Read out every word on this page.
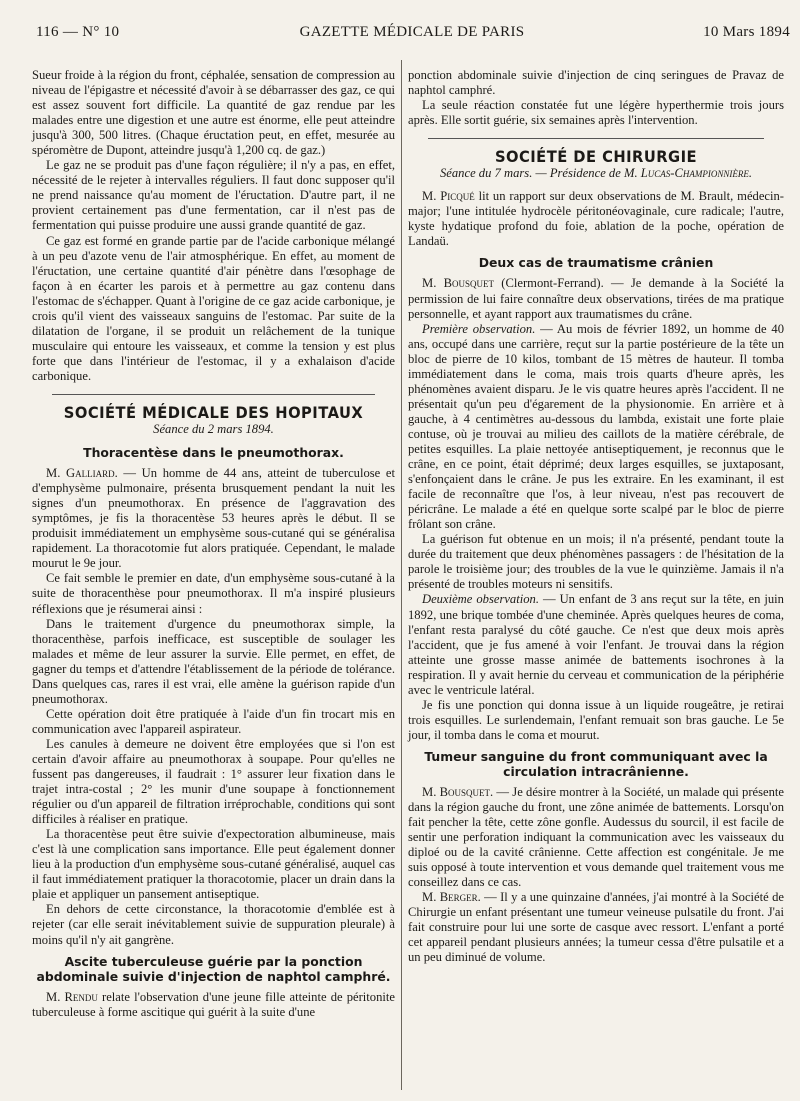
116 — N° 10	GAZETTE MÉDICALE DE PARIS	10 Mars 1894

Sueur froide à la région du front, céphalée, sensation de compression au niveau de l'épigastre et nécessité d'avoir à se débarrasser des gaz, ce qui est assez souvent fort difficile. La quantité de gaz rendue par les malades entre une digestion et une autre est énorme, elle peut atteindre jusqu'à 300, 500 litres. (Chaque éructation peut, en effet, mesurée au spéromètre de Dupont, atteindre jusqu'à 1,200 cq. de gaz.)

Le gaz ne se produit pas d'une façon régulière; il n'y a pas, en effet, nécessité de le rejeter à intervalles réguliers. Il faut donc supposer qu'il ne prend naissance qu'au moment de l'éructation. D'autre part, il ne provient certainement pas d'une fermentation, car il n'est pas de fermentation qui puisse produire une aussi grande quantité de gaz.

Ce gaz est formé en grande partie par de l'acide carbonique mélangé à un peu d'azote venu de l'air atmosphérique. En effet, au moment de l'éructation, une certaine quantité d'air pénètre dans l'œsophage de façon à en écarter les parois et à permettre au gaz contenu dans l'estomac de s'échapper. Quant à l'origine de ce gaz acide carbonique, je crois qu'il vient des vaisseaux sanguins de l'estomac. Par suite de la dilatation de l'organe, il se produit un relâchement de la tunique musculaire qui entoure les vaisseaux, et comme la tension y est plus forte que dans l'intérieur de l'estomac, il y a exhalaison d'acide carbonique.

SOCIÉTÉ MÉDICALE DES HOPITAUX
Séance du 2 mars 1894.
Thoracentèse dans le pneumothorax.

M. Galliard. — Un homme de 44 ans, atteint de tuberculose et d'emphysème pulmonaire, présenta brusquement pendant la nuit les signes d'un pneumothorax. En présence de l'aggravation des symptômes, je fis la thoracentèse 53 heures après le début. Il se produisit immédiatement un emphysème sous-cutané qui se généralisa rapidement. La thoracotomie fut alors pratiquée. Cependant, le malade mourut le 9e jour.

Ce fait semble le premier en date, d'un emphysème sous-cutané à la suite de thoracenthèse pour pneumothorax. Il m'a inspiré plusieurs réflexions que je résumerai ainsi :

Dans le traitement d'urgence du pneumothorax simple, la thoracenthèse, parfois inefficace, est susceptible de soulager les malades et même de leur assurer la survie. Elle permet, en effet, de gagner du temps et d'attendre l'établissement de la période de tolérance. Dans quelques cas, rares il est vrai, elle amène la guérison rapide d'un pneumothorax.

Cette opération doit être pratiquée à l'aide d'un fin trocart mis en communication avec l'appareil aspirateur.

Les canules à demeure ne doivent être employées que si l'on est certain d'avoir affaire au pneumothorax à soupape. Pour qu'elles ne fussent pas dangereuses, il faudrait : 1° assurer leur fixation dans le trajet intra-costal ; 2° les munir d'une soupape à fonctionnement régulier ou d'un appareil de filtration irréprochable, conditions qui sont difficiles à réaliser en pratique.

La thoracentèse peut être suivie d'expectoration albumineuse, mais c'est là une complication sans importance. Elle peut également donner lieu à la production d'un emphysème sous-cutané généralisé, auquel cas il faut immédiatement pratiquer la thoracotomie, placer un drain dans la plaie et appliquer un pansement antiseptique.

En dehors de cette circonstance, la thoracotomie d'emblée est à rejeter (car elle serait inévitablement suivie de suppuration pleurale) à moins qu'il n'y ait gangrène.

Ascite tuberculeuse guérie par la ponction abdominale suivie d'injection de naphtol camphré.

M. Rendu relate l'observation d'une jeune fille atteinte de péritonite tuberculeuse à forme ascitique qui guérit à la suite d'une

ponction abdominale suivie d'injection de cinq seringues de Pravaz de naphtol camphré.

La seule réaction constatée fut une légère hyperthermie trois jours après. Elle sortit guérie, six semaines après l'intervention.

SOCIÉTÉ DE CHIRURGIE
Séance du 7 mars. — Présidence de M. Lucas-Championnière.

M. Picqué lit un rapport sur deux observations de M. Brault, médecin-major; l'une intitulée hydrocèle péritonéovaginale, cure radicale; l'autre, kyste hydatique profond du foie, ablation de la poche, opération de Landaü.

Deux cas de traumatisme crânien

M. Bousquet (Clermont-Ferrand). — Je demande à la Société la permission de lui faire connaître deux observations, tirées de ma pratique personnelle, et ayant rapport aux traumatismes du crâne.

Première observation. — Au mois de février 1892, un homme de 40 ans, occupé dans une carrière, reçut sur la partie postérieure de la tête un bloc de pierre de 10 kilos, tombant de 15 mètres de hauteur. Il tomba immédiatement dans le coma, mais trois quarts d'heure après, les phénomènes avaient disparu. Je le vis quatre heures après l'accident. Il ne présentait qu'un peu d'égarement de la physionomie. En arrière et à gauche, à 4 centimètres au-dessous du lambda, existait une forte plaie contuse, où je trouvai au milieu des caillots de la matière cérébrale, de petites esquilles. La plaie nettoyée antiseptiquement, je reconnus que le crâne, en ce point, était déprimé; deux larges esquilles, se juxtaposant, s'enfonçaient dans le crâne. Je pus les extraire. En les examinant, il est facile de reconnaître que l'os, à leur niveau, n'est pas recouvert de péricrâne. Le malade a été en quelque sorte scalpé par le bloc de pierre frôlant son crâne.

La guérison fut obtenue en un mois; il n'a présenté, pendant toute la durée du traitement que deux phénomènes passagers : de l'hésitation de la parole le troisième jour; des troubles de la vue le quinzième. Jamais il n'a présenté de troubles moteurs ni sensitifs.

Deuxième observation. — Un enfant de 3 ans reçut sur la tête, en juin 1892, une brique tombée d'une cheminée. Après quelques heures de coma, l'enfant resta paralysé du côté gauche. Ce n'est que deux mois après l'accident, que je fus amené à voir l'enfant. Je trouvai dans la région atteinte une grosse masse animée de battements isochrones à la respiration. Il y avait hernie du cerveau et communication de la périphérie avec le ventricule latéral.

Je fis une ponction qui donna issue à un liquide rougeâtre, je retirai trois esquilles. Le surlendemain, l'enfant remuait son bras gauche. Le 5e jour, il tomba dans le coma et mourut.

Tumeur sanguine du front communiquant avec la circulation intracrânienne.

M. Bousquet. — Je désire montrer à la Société, un malade qui présente dans la région gauche du front, une zône animée de battements. Lorsqu'on fait pencher la tête, cette zône gonfle. Audessus du sourcil, il est facile de sentir une perforation indiquant la communication avec les vaisseaux du diploé ou de la cavité crânienne. Cette affection est congénitale. Je me suis opposé à toute intervention et vous demande quel traitement vous me conseillez dans ce cas.

M. Berger. — Il y a une quinzaine d'années, j'ai montré à la Société de Chirurgie un enfant présentant une tumeur veineuse pulsatile du front. J'ai fait construire pour lui une sorte de casque avec ressort. L'enfant a porté cet appareil pendant plusieurs années; la tumeur cessa d'être pulsatile et a un peu diminué de volume.
